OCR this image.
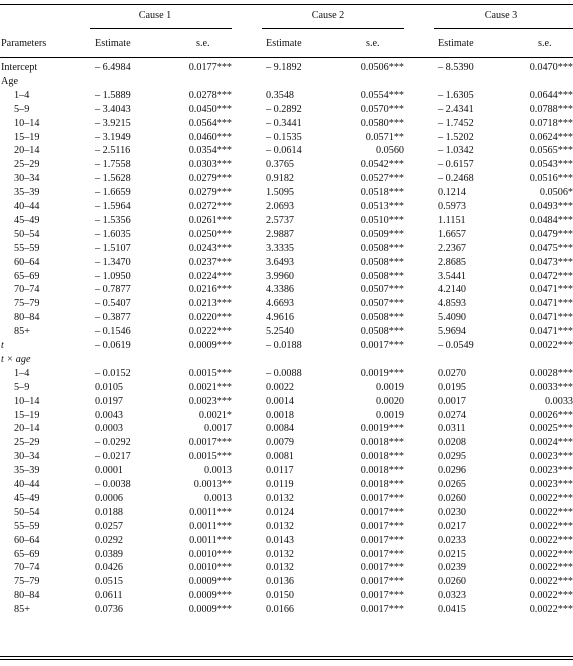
Cause 1	Cause 2	Cause 3
Parameters	Estimate	s.e.	Estimate	s.e.	Estimate	s.e.
Intercept	– 6.4984	0.0177***	– 9.1892	0.0506***	– 8.5390	0.0470***
Age
1–4	– 1.5889	0.0278***	0.3548	0.0554***	– 1.6305	0.0644***
5–9	– 3.4043	0.0450***	– 0.2892	0.0570***	– 2.4341	0.0788***
10–14	– 3.9215	0.0564***	– 0.3441	0.0580***	– 1.7452	0.0718***
15–19	– 3.1949	0.0460***	– 0.1535	0.0571**	– 1.5202	0.0624***
20–14	– 2.5116	0.0354***	– 0.0614	0.0560	– 1.0342	0.0565***
25–29	– 1.7558	0.0303***	0.3765	0.0542***	– 0.6157	0.0543***
30–34	– 1.5628	0.0279***	0.9182	0.0527***	– 0.2468	0.0516***
35–39	– 1.6659	0.0279***	1.5095	0.0518***	0.1214	0.0506*
40–44	– 1.5964	0.0272***	2.0693	0.0513***	0.5973	0.0493***
45–49	– 1.5356	0.0261***	2.5737	0.0510***	1.1151	0.0484***
50–54	– 1.6035	0.0250***	2.9887	0.0509***	1.6657	0.0479***
55–59	– 1.5107	0.0243***	3.3335	0.0508***	2.2367	0.0475***
60–64	– 1.3470	0.0237***	3.6493	0.0508***	2.8685	0.0473***
65–69	– 1.0950	0.0224***	3.9960	0.0508***	3.5441	0.0472***
70–74	– 0.7877	0.0216***	4.3386	0.0507***	4.2140	0.0471***
75–79	– 0.5407	0.0213***	4.6693	0.0507***	4.8593	0.0471***
80–84	– 0.3877	0.0220***	4.9616	0.0508***	5.4090	0.0471***
85+	– 0.1546	0.0222***	5.2540	0.0508***	5.9694	0.0471***
t	– 0.0619	0.0009***	– 0.0188	0.0017***	– 0.0549	0.0022***
t × age
1–4	– 0.0152	0.0015***	– 0.0088	0.0019***	0.0270	0.0028***
5–9	0.0105	0.0021***	0.0022	0.0019	0.0195	0.0033***
10–14	0.0197	0.0023***	0.0014	0.0020	0.0017	0.0033
15–19	0.0043	0.0021*	0.0018	0.0019	0.0274	0.0026***
20–14	0.0003	0.0017	0.0084	0.0019***	0.0311	0.0025***
25–29	– 0.0292	0.0017***	0.0079	0.0018***	0.0208	0.0024***
30–34	– 0.0217	0.0015***	0.0081	0.0018***	0.0295	0.0023***
35–39	0.0001	0.0013	0.0117	0.0018***	0.0296	0.0023***
40–44	– 0.0038	0.0013**	0.0119	0.0018***	0.0265	0.0023***
45–49	0.0006	0.0013	0.0132	0.0017***	0.0260	0.0022***
50–54	0.0188	0.0011***	0.0124	0.0017***	0.0230	0.0022***
55–59	0.0257	0.0011***	0.0132	0.0017***	0.0217	0.0022***
60–64	0.0292	0.0011***	0.0143	0.0017***	0.0233	0.0022***
65–69	0.0389	0.0010***	0.0132	0.0017***	0.0215	0.0022***
70–74	0.0426	0.0010***	0.0132	0.0017***	0.0239	0.0022***
75–79	0.0515	0.0009***	0.0136	0.0017***	0.0260	0.0022***
80–84	0.0611	0.0009***	0.0150	0.0017***	0.0323	0.0022***
85+	0.0736	0.0009***	0.0166	0.0017***	0.0415	0.0022***
